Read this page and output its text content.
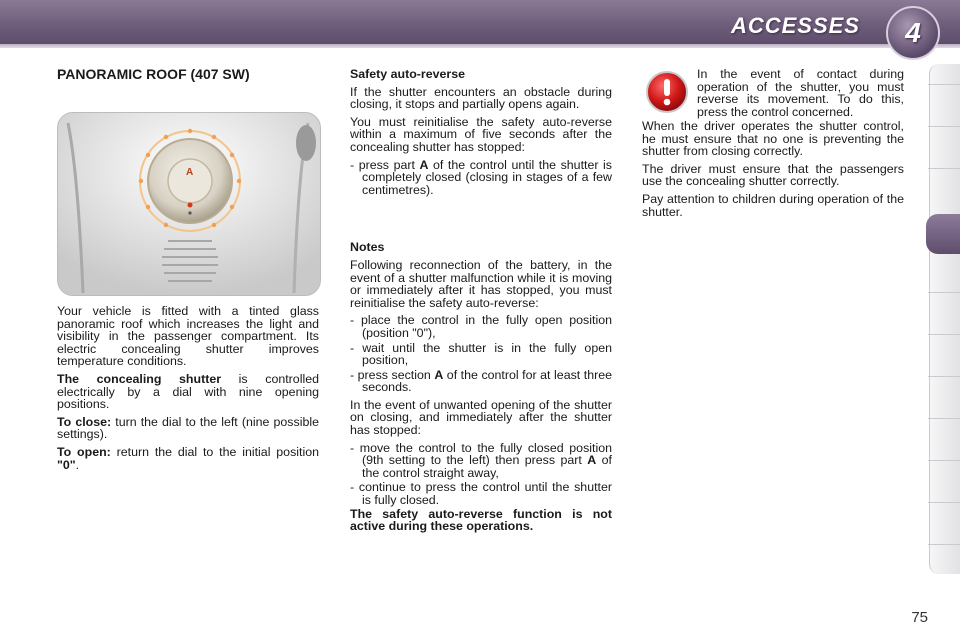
ACCESSES	4
PANORAMIC ROOF (407 SW)
A

Your vehicle is fitted with a tinted glass panoramic roof which increases the light and visibility in the passenger compartment. Its electric concealing shutter improves temperature conditions.

The concealing shutter is controlled electrically by a dial with nine opening positions.

To close: turn the dial to the left (nine possible settings).

To open: return the dial to the initial position "0".

Safety auto-reverse

If the shutter encounters an obstacle during closing, it stops and partially opens again.

You must reinitialise the safety auto-reverse within a maximum of five seconds after the concealing shutter has stopped:

- press part A of the control until the shutter is completely closed (closing in stages of a few centimetres).

Notes

Following reconnection of the battery, in the event of a shutter malfunction while it is moving or immediately after it has stopped, you must reinitialise the safety auto-reverse:

- place the control in the fully open position (position "0"),
- wait until the shutter is in the fully open position,
- press section A of the control for at least three seconds.

In the event of unwanted opening of the shutter on closing, and immediately after the shutter has stopped:

- move the control to the fully closed position (9th setting to the left) then press part A of the control straight away,
- continue to press the control until the shutter is fully closed.

The safety auto-reverse function is not active during these operations.

In the event of contact during operation of the shutter, you must reverse its movement. To do this, press the control concerned.

When the driver operates the shutter control, he must ensure that no one is preventing the shutter from closing correctly.

The driver must ensure that the passengers use the concealing shutter correctly.

Pay attention to children during operation of the shutter.

75
